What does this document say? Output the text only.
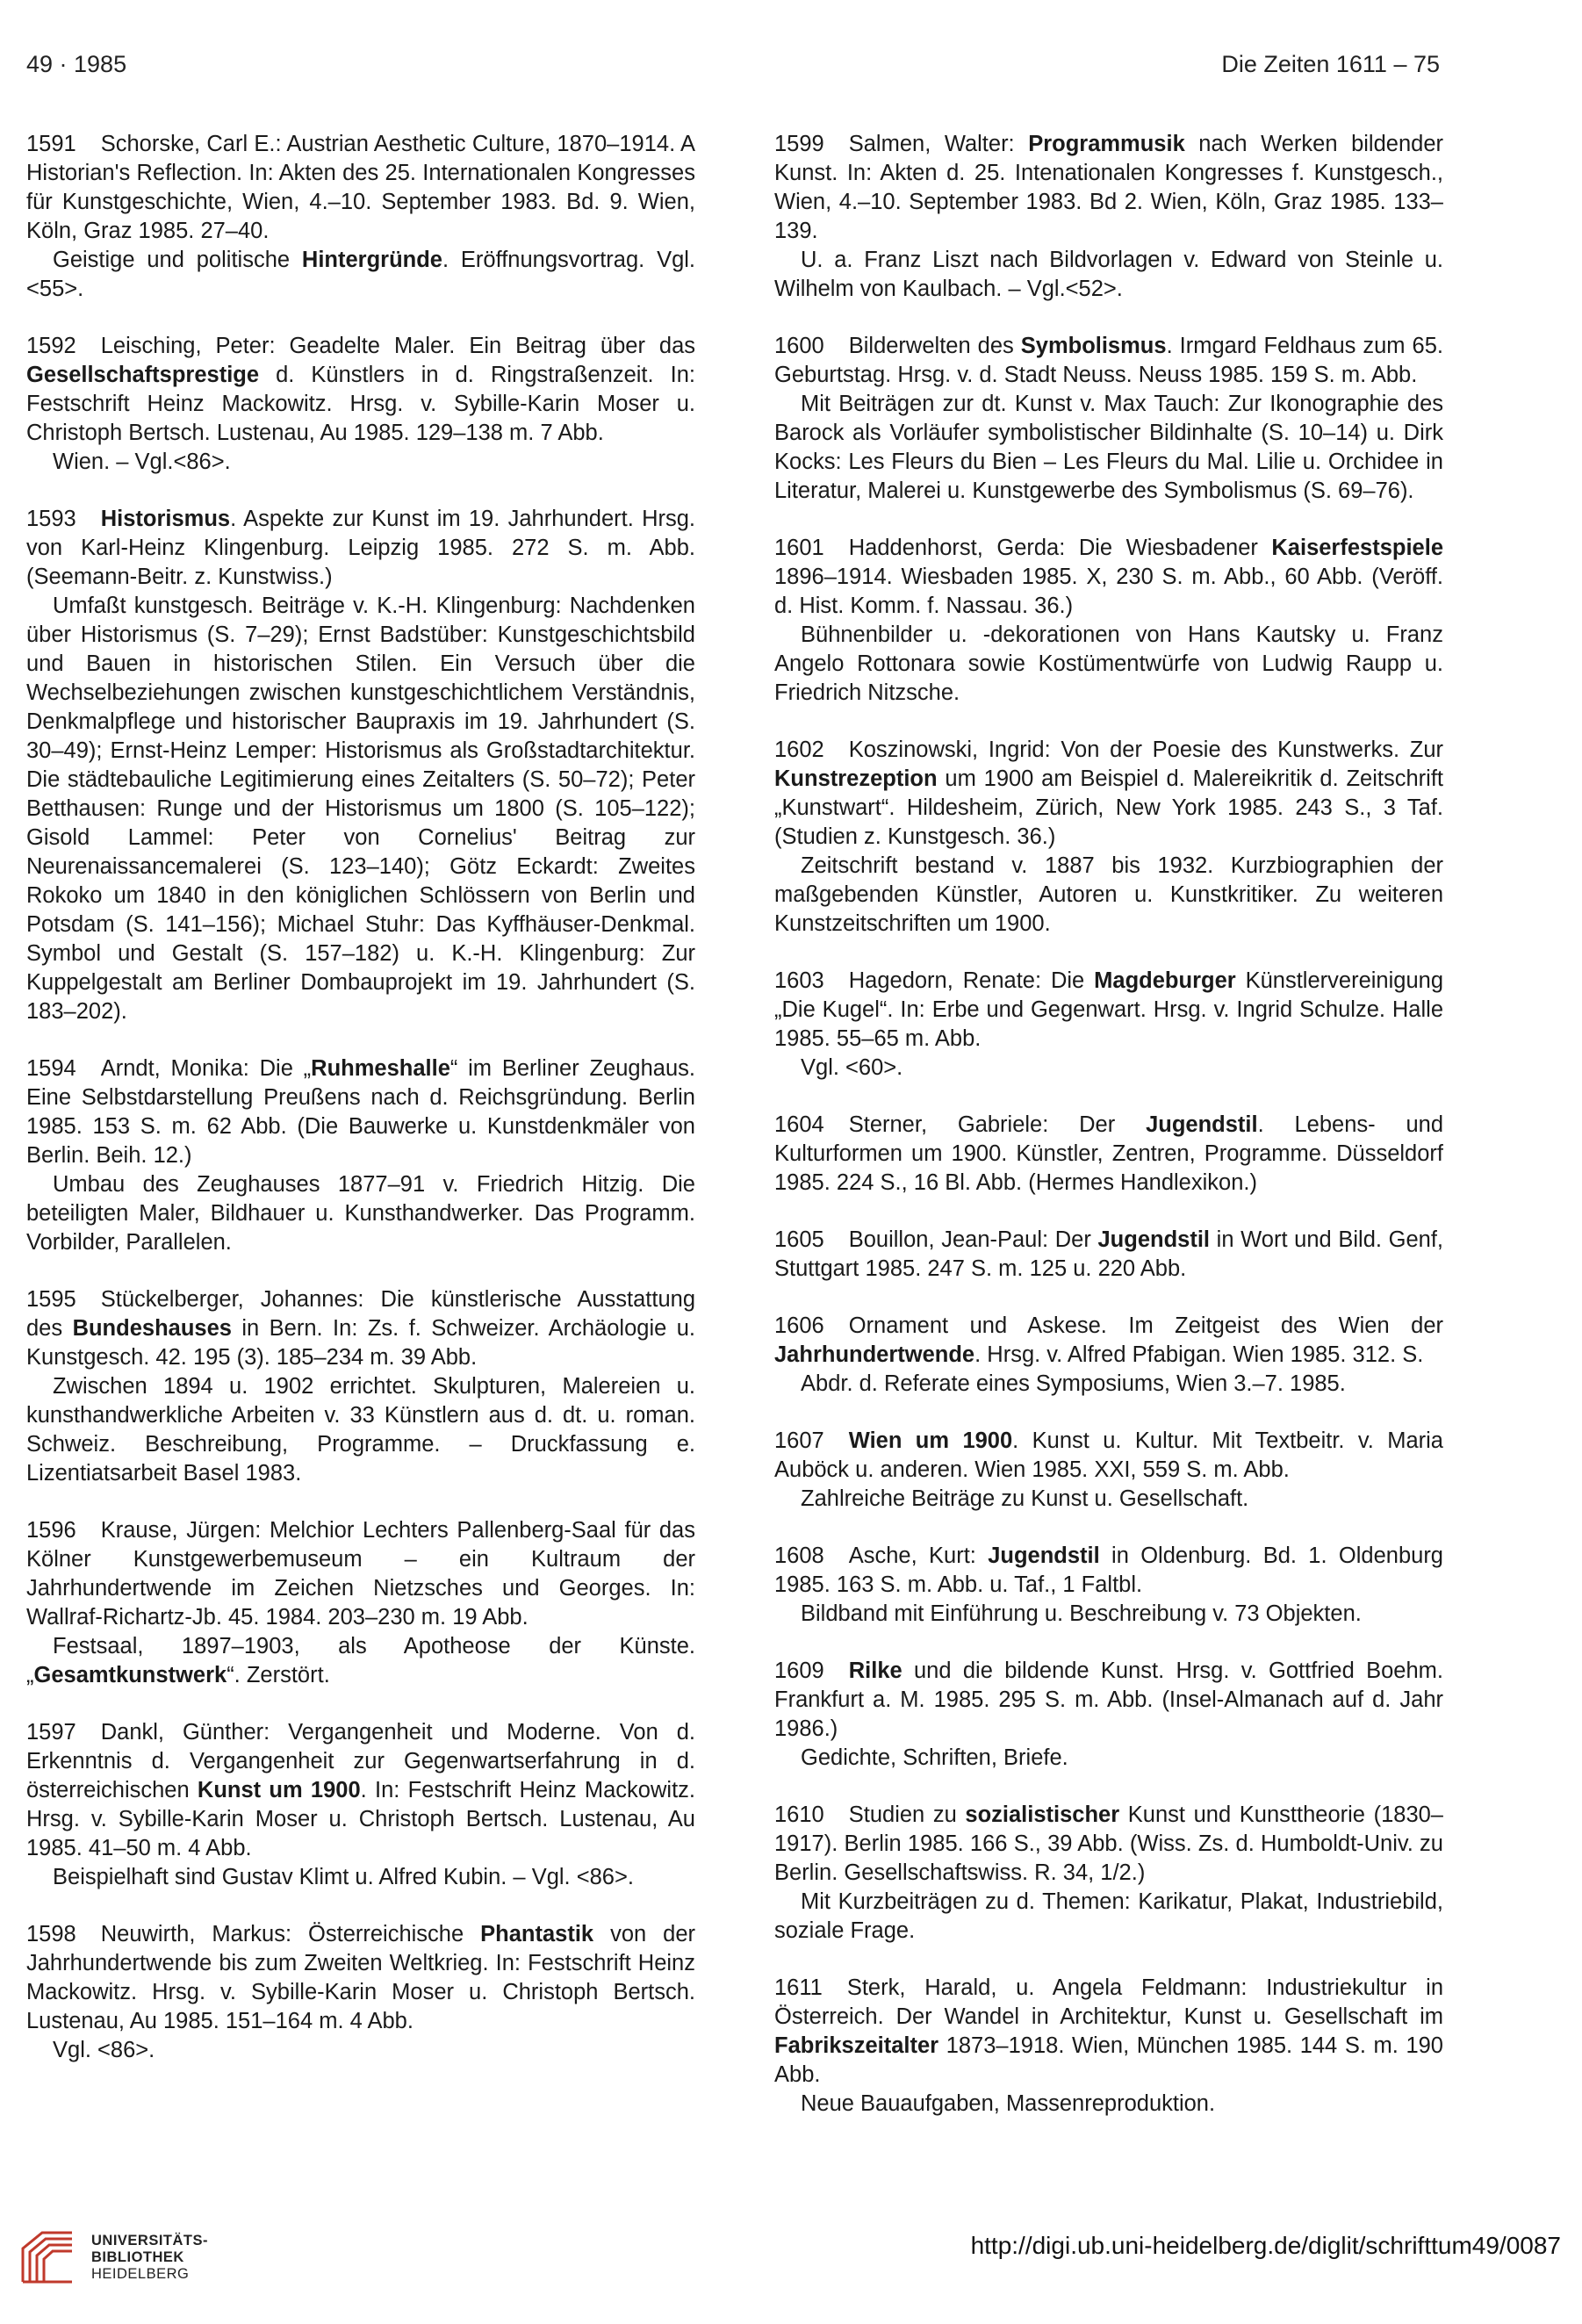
49 · 1985	Die Zeiten 1611 – 75

1591 Schorske, Carl E.: Austrian Aesthetic Culture, 1870–1914. A Historian's Reflection. In: Akten des 25. Internationalen Kongresses für Kunstgeschichte, Wien, 4.–10. September 1983. Bd. 9. Wien, Köln, Graz 1985. 27–40.

Geistige und politische Hintergründe. Eröffnungsvortrag. Vgl. <55>.

1592 Leisching, Peter: Geadelte Maler. Ein Beitrag über das Gesellschaftsprestige d. Künstlers in d. Ringstraßenzeit. In: Festschrift Heinz Mackowitz. Hrsg. v. Sybille-Karin Moser u. Christoph Bertsch. Lustenau, Au 1985. 129–138 m. 7 Abb.

Wien. – Vgl.<86>.

1593 Historismus. Aspekte zur Kunst im 19. Jahrhundert. Hrsg. von Karl-Heinz Klingenburg. Leipzig 1985. 272 S. m. Abb. (Seemann-Beitr. z. Kunstwiss.)

Umfaßt kunstgesch. Beiträge v. K.-H. Klingenburg: Nachdenken über Historismus (S. 7–29); Ernst Badstüber: Kunstgeschichtsbild und Bauen in historischen Stilen. Ein Versuch über die Wechselbeziehungen zwischen kunstgeschichtlichem Verständnis, Denkmalpflege und historischer Baupraxis im 19. Jahrhundert (S. 30–49); Ernst-Heinz Lemper: Historismus als Großstadtarchitektur. Die städtebauliche Legitimierung eines Zeitalters (S. 50–72); Peter Betthausen: Runge und der Historismus um 1800 (S. 105–122); Gisold Lammel: Peter von Cornelius' Beitrag zur Neurenaissancemalerei (S. 123–140); Götz Eckardt: Zweites Rokoko um 1840 in den königlichen Schlössern von Berlin und Potsdam (S. 141–156); Michael Stuhr: Das Kyffhäuser-Denkmal. Symbol und Gestalt (S. 157–182) u. K.-H. Klingenburg: Zur Kuppelgestalt am Berliner Dombauprojekt im 19. Jahrhundert (S. 183–202).

1594 Arndt, Monika: Die „Ruhmeshalle“ im Berliner Zeughaus. Eine Selbstdarstellung Preußens nach d. Reichsgründung. Berlin 1985. 153 S. m. 62 Abb. (Die Bauwerke u. Kunstdenkmäler von Berlin. Beih. 12.)

Umbau des Zeughauses 1877–91 v. Friedrich Hitzig. Die beteiligten Maler, Bildhauer u. Kunsthandwerker. Das Programm. Vorbilder, Parallelen.

1595 Stückelberger, Johannes: Die künstlerische Ausstattung des Bundeshauses in Bern. In: Zs. f. Schweizer. Archäologie u. Kunstgesch. 42. 195 (3). 185–234 m. 39 Abb.

Zwischen 1894 u. 1902 errichtet. Skulpturen, Malereien u. kunsthandwerkliche Arbeiten v. 33 Künstlern aus d. dt. u. roman. Schweiz. Beschreibung, Programme. – Druckfassung e. Lizentiatsarbeit Basel 1983.

1596 Krause, Jürgen: Melchior Lechters Pallenberg-Saal für das Kölner Kunstgewerbemuseum – ein Kultraum der Jahrhundertwende im Zeichen Nietzsches und Georges. In: Wallraf-Richartz-Jb. 45. 1984. 203–230 m. 19 Abb.

Festsaal, 1897–1903, als Apotheose der Künste. „Gesamtkunstwerk“. Zerstört.

1597 Dankl, Günther: Vergangenheit und Moderne. Von d. Erkenntnis d. Vergangenheit zur Gegenwartserfahrung in d. österreichischen Kunst um 1900. In: Festschrift Heinz Mackowitz. Hrsg. v. Sybille-Karin Moser u. Christoph Bertsch. Lustenau, Au 1985. 41–50 m. 4 Abb.

Beispielhaft sind Gustav Klimt u. Alfred Kubin. – Vgl. <86>.

1598 Neuwirth, Markus: Österreichische Phantastik von der Jahrhundertwende bis zum Zweiten Weltkrieg. In: Festschrift Heinz Mackowitz. Hrsg. v. Sybille-Karin Moser u. Christoph Bertsch. Lustenau, Au 1985. 151–164 m. 4 Abb.

Vgl. <86>.

1599 Salmen, Walter: Programmusik nach Werken bildender Kunst. In: Akten d. 25. Intenationalen Kongresses f. Kunstgesch., Wien, 4.–10. September 1983. Bd 2. Wien, Köln, Graz 1985. 133–139.

U. a. Franz Liszt nach Bildvorlagen v. Edward von Steinle u. Wilhelm von Kaulbach. – Vgl.<52>.

1600 Bilderwelten des Symbolismus. Irmgard Feldhaus zum 65. Geburtstag. Hrsg. v. d. Stadt Neuss. Neuss 1985. 159 S. m. Abb.

Mit Beiträgen zur dt. Kunst v. Max Tauch: Zur Ikonographie des Barock als Vorläufer symbolistischer Bildinhalte (S. 10–14) u. Dirk Kocks: Les Fleurs du Bien – Les Fleurs du Mal. Lilie u. Orchidee in Literatur, Malerei u. Kunstgewerbe des Symbolismus (S. 69–76).

1601 Haddenhorst, Gerda: Die Wiesbadener Kaiserfestspiele 1896–1914. Wiesbaden 1985. X, 230 S. m. Abb., 60 Abb. (Veröff. d. Hist. Komm. f. Nassau. 36.)

Bühnenbilder u. -dekorationen von Hans Kautsky u. Franz Angelo Rottonara sowie Kostümentwürfe von Ludwig Raupp u. Friedrich Nitzsche.

1602 Koszinowski, Ingrid: Von der Poesie des Kunstwerks. Zur Kunstrezeption um 1900 am Beispiel d. Malereikritik d. Zeitschrift „Kunstwart“. Hildesheim, Zürich, New York 1985. 243 S., 3 Taf. (Studien z. Kunstgesch. 36.)

Zeitschrift bestand v. 1887 bis 1932. Kurzbiographien der maßgebenden Künstler, Autoren u. Kunstkritiker. Zu weiteren Kunstzeitschriften um 1900.

1603 Hagedorn, Renate: Die Magdeburger Künstlervereinigung „Die Kugel“. In: Erbe und Gegenwart. Hrsg. v. Ingrid Schulze. Halle 1985. 55–65 m. Abb.

Vgl. <60>.

1604 Sterner, Gabriele: Der Jugendstil. Lebens- und Kulturformen um 1900. Künstler, Zentren, Programme. Düsseldorf 1985. 224 S., 16 Bl. Abb. (Hermes Handlexikon.)

1605 Bouillon, Jean-Paul: Der Jugendstil in Wort und Bild. Genf, Stuttgart 1985. 247 S. m. 125 u. 220 Abb.

1606 Ornament und Askese. Im Zeitgeist des Wien der Jahrhundertwende. Hrsg. v. Alfred Pfabigan. Wien 1985. 312. S.

Abdr. d. Referate eines Symposiums, Wien 3.–7. 1985.

1607 Wien um 1900. Kunst u. Kultur. Mit Textbeitr. v. Maria Auböck u. anderen. Wien 1985. XXI, 559 S. m. Abb.

Zahlreiche Beiträge zu Kunst u. Gesellschaft.

1608 Asche, Kurt: Jugendstil in Oldenburg. Bd. 1. Oldenburg 1985. 163 S. m. Abb. u. Taf., 1 Faltbl.

Bildband mit Einführung u. Beschreibung v. 73 Objekten.

1609 Rilke und die bildende Kunst. Hrsg. v. Gottfried Boehm. Frankfurt a. M. 1985. 295 S. m. Abb. (Insel-Almanach auf d. Jahr 1986.)

Gedichte, Schriften, Briefe.

1610 Studien zu sozialistischer Kunst und Kunsttheorie (1830–1917). Berlin 1985. 166 S., 39 Abb. (Wiss. Zs. d. Humboldt-Univ. zu Berlin. Gesellschaftswiss. R. 34, 1/2.)

Mit Kurzbeiträgen zu d. Themen: Karikatur, Plakat, Industriebild, soziale Frage.

1611 Sterk, Harald, u. Angela Feldmann: Industriekultur in Österreich. Der Wandel in Architektur, Kunst u. Gesellschaft im Fabrikszeitalter 1873–1918. Wien, München 1985. 144 S. m. 190 Abb.

Neue Bauaufgaben, Massenreproduktion.

UNIVERSITÄTS-
BIBLIOTHEK
HEIDELBERG
http://digi.ub.uni-heidelberg.de/diglit/schrifttum49/0087
